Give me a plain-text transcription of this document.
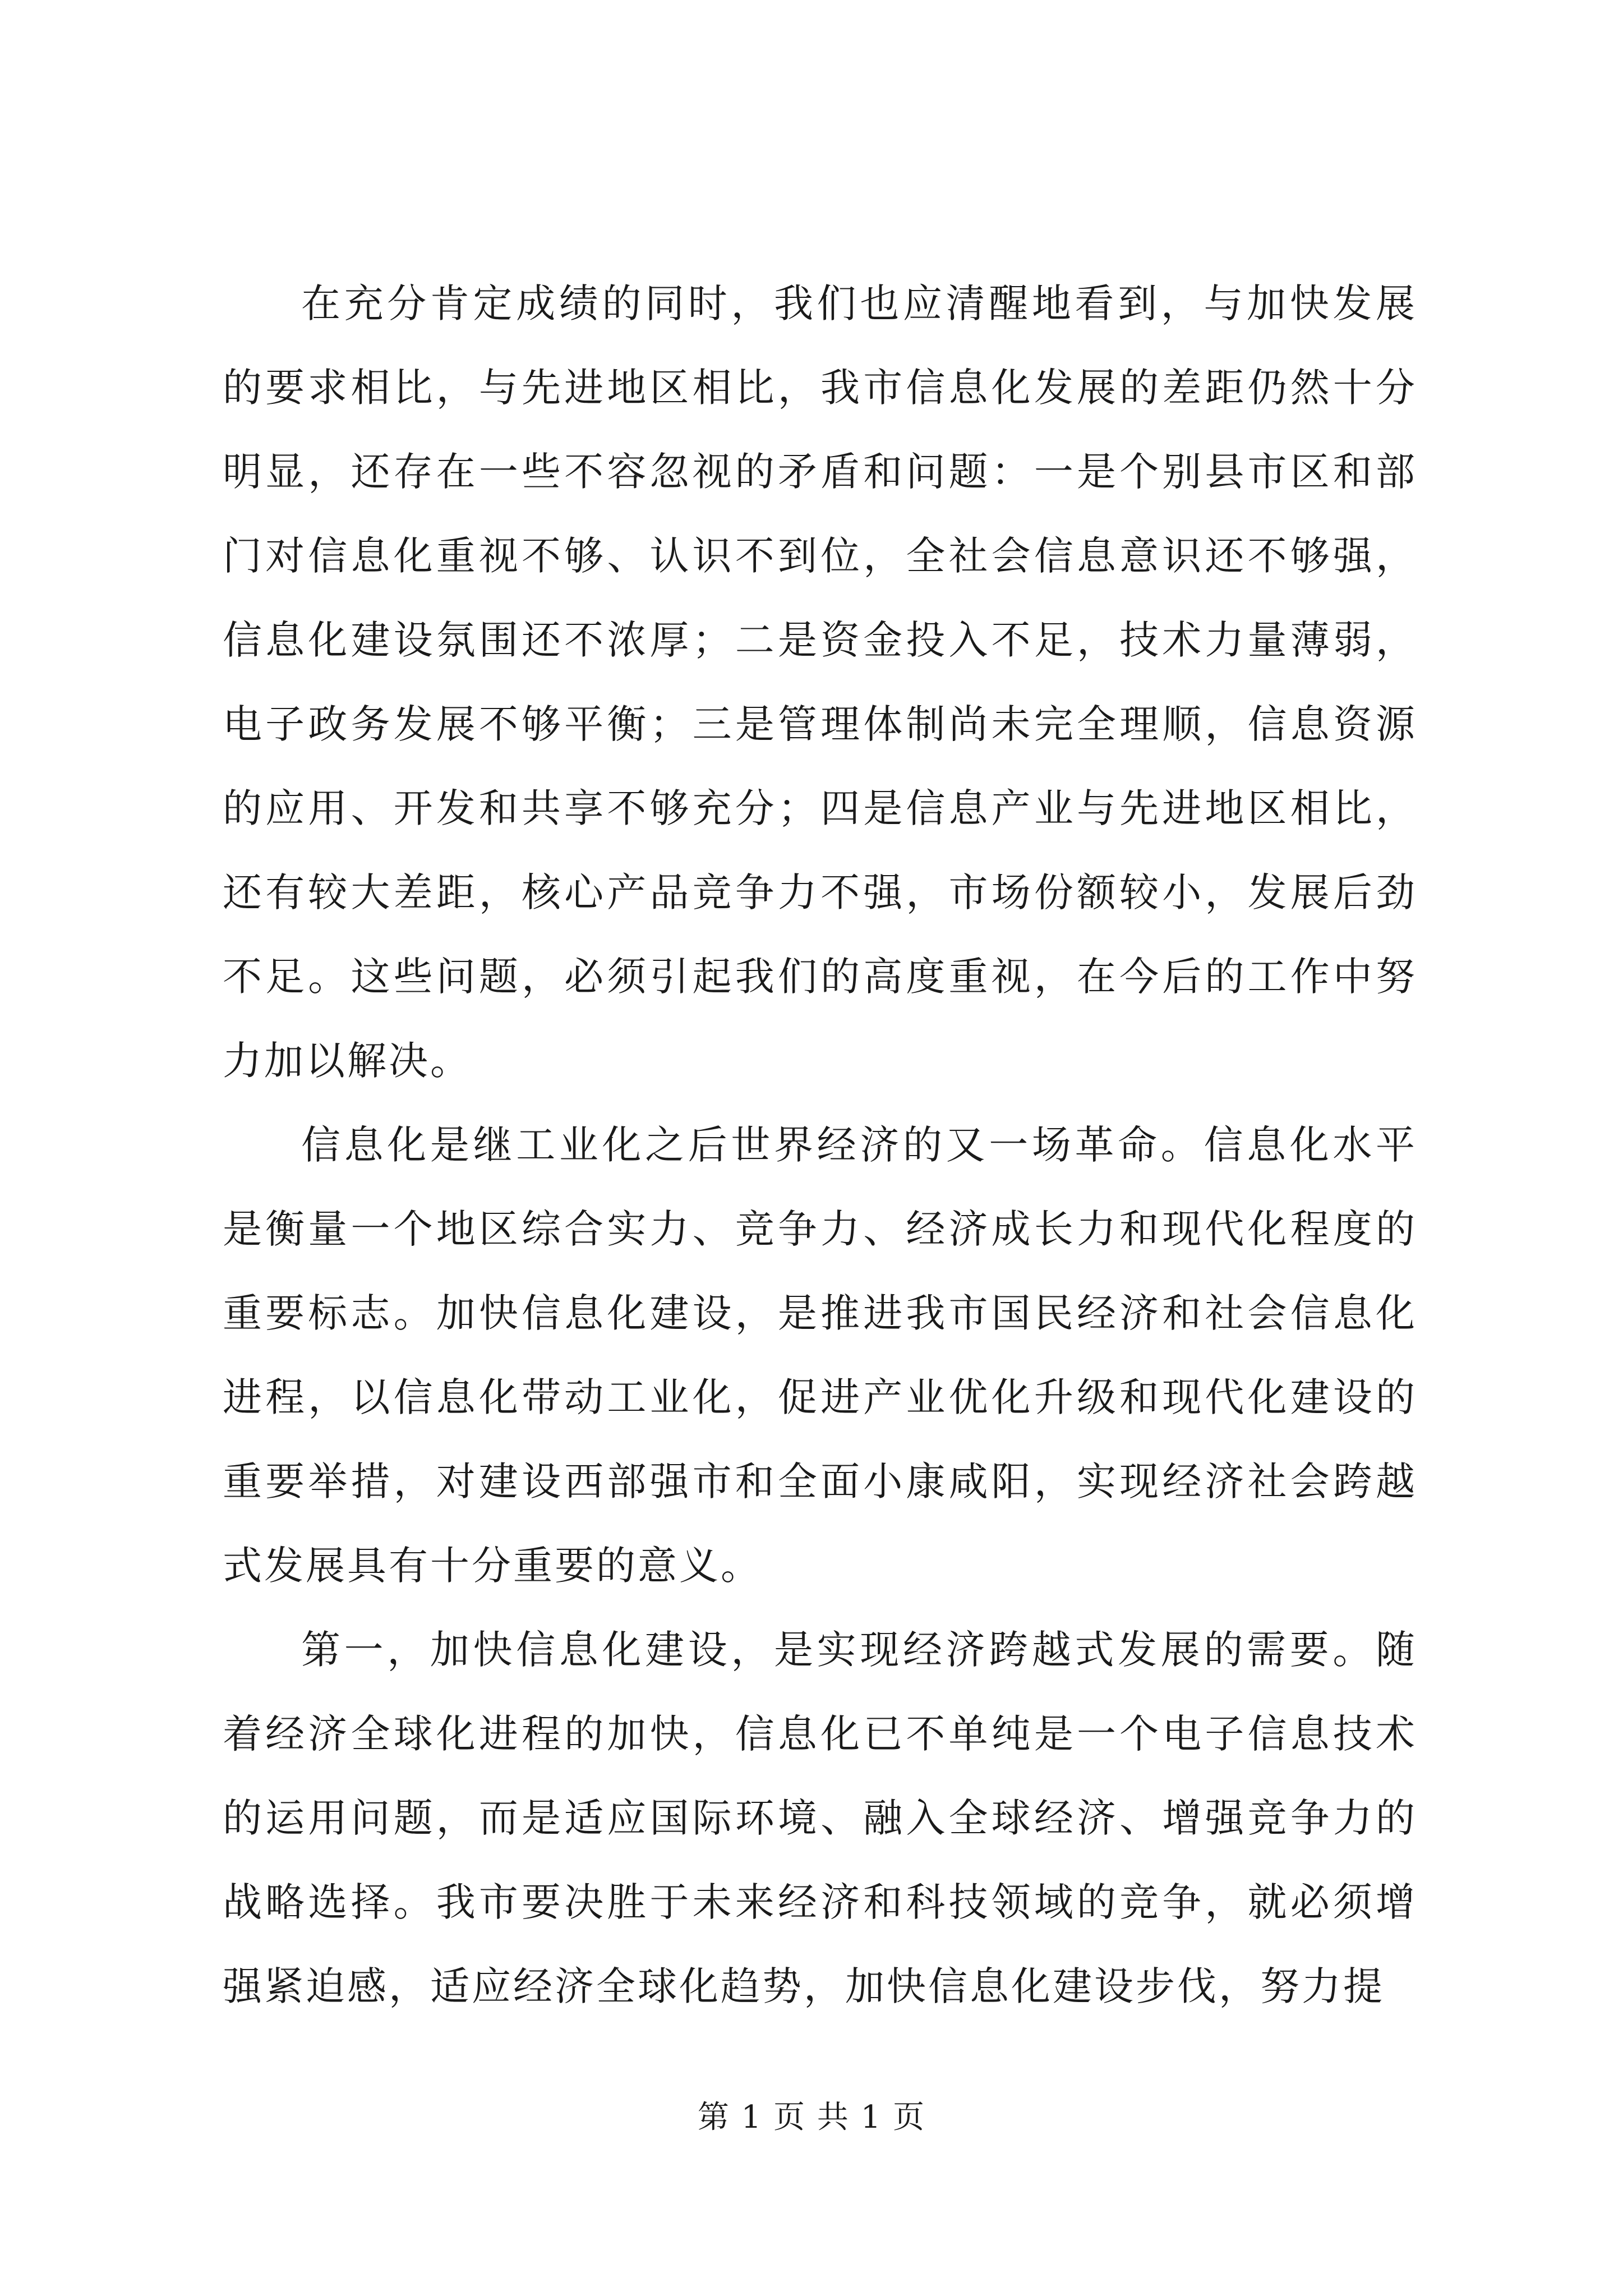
在充分肯定成绩的同时，我们也应清醒地看到，与加快发展的要求相比，与先进地区相比，我市信息化发展的差距仍然十分明显，还存在一些不容忽视的矛盾和问题：一是个别县市区和部门对信息化重视不够、认识不到位，全社会信息意识还不够强，信息化建设氛围还不浓厚；二是资金投入不足，技术力量薄弱，电子政务发展不够平衡；三是管理体制尚未完全理顺，信息资源的应用、开发和共享不够充分；四是信息产业与先进地区相比，还有较大差距，核心产品竞争力不强，市场份额较小，发展后劲不足。这些问题，必须引起我们的高度重视，在今后的工作中努力加以解决。

信息化是继工业化之后世界经济的又一场革命。信息化水平是衡量一个地区综合实力、竞争力、经济成长力和现代化程度的重要标志。加快信息化建设，是推进我市国民经济和社会信息化进程，以信息化带动工业化，促进产业优化升级和现代化建设的重要举措，对建设西部强市和全面小康咸阳，实现经济社会跨越式发展具有十分重要的意义。

第一，加快信息化建设，是实现经济跨越式发展的需要。随着经济全球化进程的加快，信息化已不单纯是一个电子信息技术的运用问题，而是适应国际环境、融入全球经济、增强竞争力的战略选择。我市要决胜于未来经济和科技领域的竞争，就必须增强紧迫感，适应经济全球化趋势，加快信息化建设步伐，努力提

第 1 页 共 1 页
